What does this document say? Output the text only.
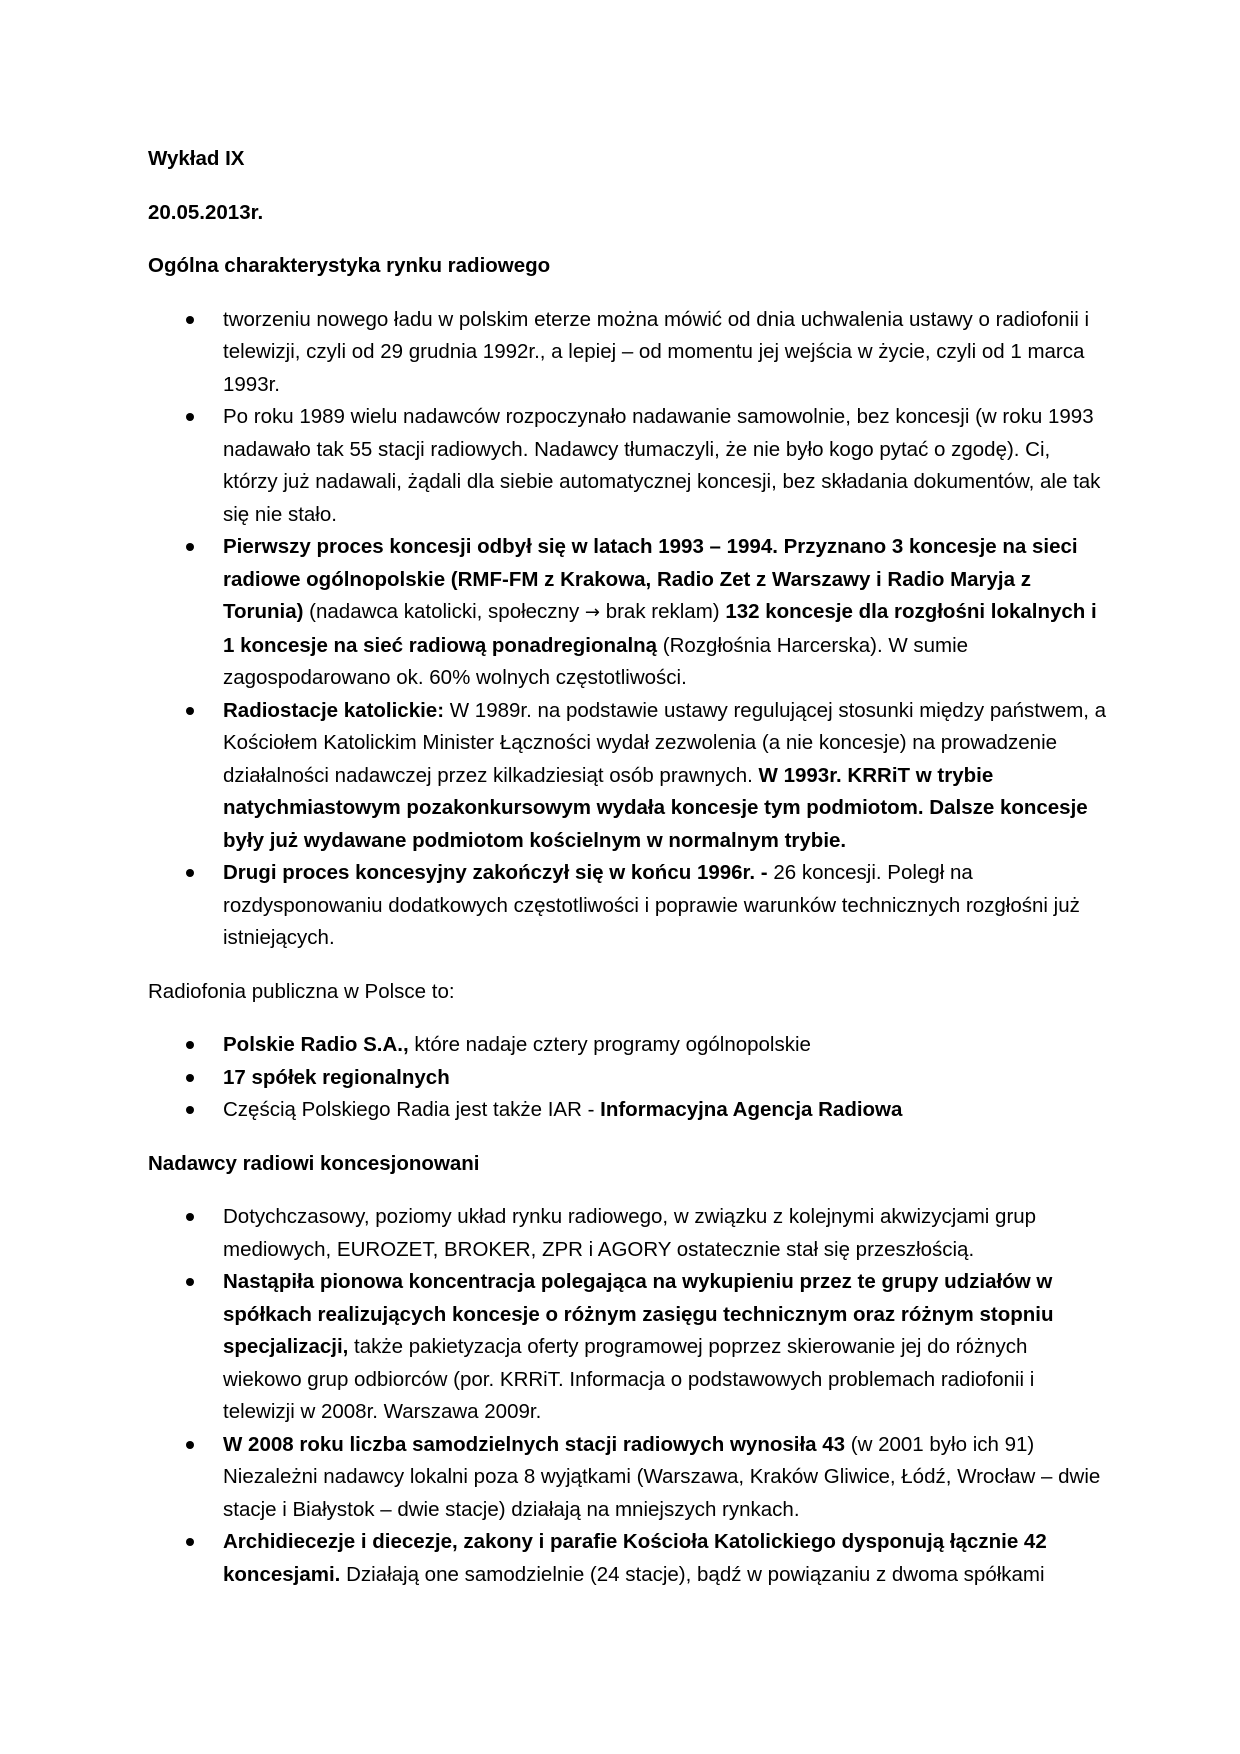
Wykład IX

20.05.2013r.

Ogólna charakterystyka rynku radiowego

tworzeniu nowego ładu w polskim eterze można mówić od dnia uchwalenia ustawy o radiofonii i telewizji, czyli od 29 grudnia 1992r., a lepiej – od momentu jej wejścia w życie, czyli od 1 marca 1993r.
Po roku 1989 wielu nadawców rozpoczynało nadawanie samowolnie, bez koncesji (w roku 1993 nadawało tak 55 stacji radiowych. Nadawcy tłumaczyli, że nie było kogo pytać o zgodę). Ci, którzy już nadawali, żądali dla siebie automatycznej koncesji, bez składania dokumentów, ale tak się nie stało.
Pierwszy proces koncesji odbył się w latach 1993 – 1994. Przyznano 3 koncesje na sieci radiowe ogólnopolskie (RMF-FM z Krakowa, Radio Zet z Warszawy i Radio Maryja z Torunia) (nadawca katolicki, społeczny → brak reklam) 132 koncesje dla rozgłośni lokalnych i 1 koncesje na sieć radiową ponadregionalną (Rozgłośnia Harcerska). W sumie zagospodarowano ok. 60% wolnych częstotliwości.
Radiostacje katolickie: W 1989r. na podstawie ustawy regulującej stosunki między państwem, a Kościołem Katolickim Minister Łączności wydał zezwolenia (a nie koncesje) na prowadzenie działalności nadawczej przez kilkadziesiąt osób prawnych. W 1993r. KRRiT w trybie natychmiastowym pozakonkursowym wydała koncesje tym podmiotom. Dalsze koncesje były już wydawane podmiotom kościelnym w normalnym trybie.
Drugi proces koncesyjny zakończył się w końcu 1996r. - 26 koncesji. Poległ na rozdysponowaniu dodatkowych częstotliwości i poprawie warunków technicznych rozgłośni już istniejących.

Radiofonia publiczna w Polsce to:

Polskie Radio S.A., które nadaje cztery programy ogólnopolskie
17 spółek regionalnych
Częścią Polskiego Radia jest także IAR - Informacyjna Agencja Radiowa

Nadawcy radiowi koncesjonowani

Dotychczasowy, poziomy układ rynku radiowego, w związku z kolejnymi akwizycjami grup mediowych, EUROZET, BROKER, ZPR i AGORY ostatecznie stał się przeszłością.
Nastąpiła pionowa koncentracja polegająca na wykupieniu przez te grupy udziałów w spółkach realizujących koncesje o różnym zasięgu technicznym oraz różnym stopniu specjalizacji, także pakietyzacja oferty programowej poprzez skierowanie jej do różnych wiekowo grup odbiorców (por. KRRiT. Informacja o podstawowych problemach radiofonii i telewizji w 2008r. Warszawa 2009r.
W 2008 roku liczba samodzielnych stacji radiowych wynosiła 43 (w 2001 było ich 91) Niezależni nadawcy lokalni poza 8 wyjątkami (Warszawa, Kraków Gliwice, Łódź, Wrocław – dwie stacje i Białystok – dwie stacje) działają na mniejszych rynkach.
Archidiecezje i diecezje, zakony i parafie Kościoła Katolickiego dysponują łącznie 42 koncesjami. Działają one samodzielnie (24 stacje), bądź w powiązaniu z dwoma spółkami
